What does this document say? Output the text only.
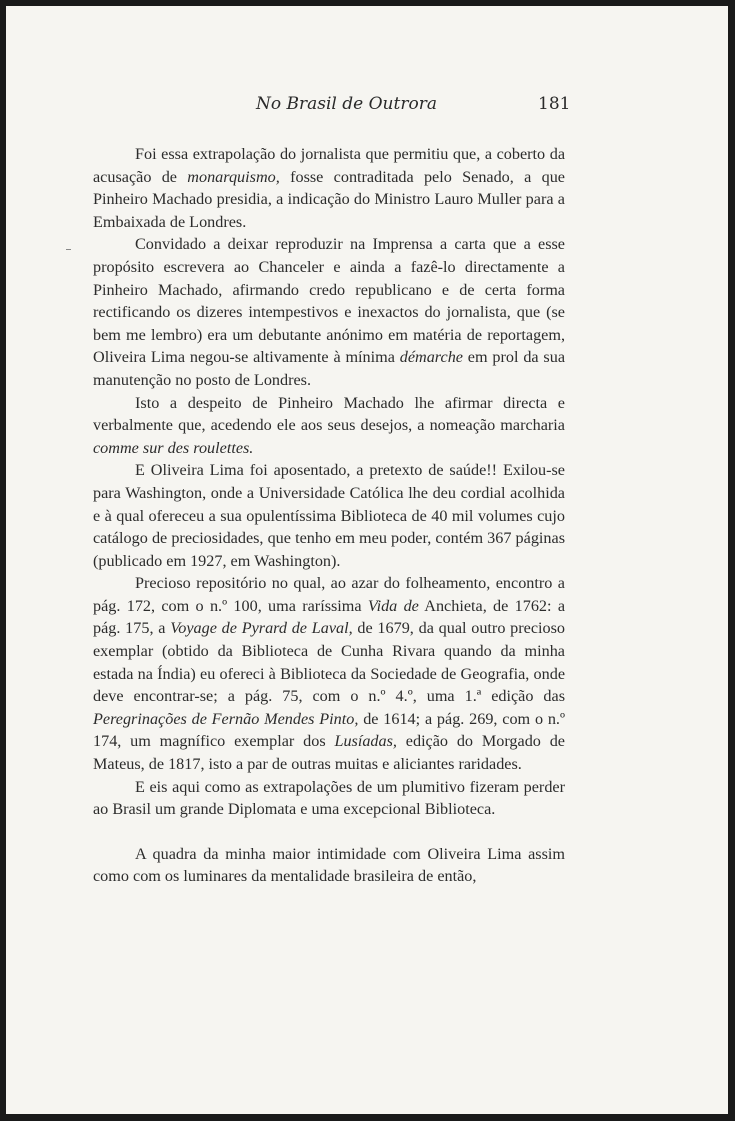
No Brasil de Outrora	181

Foi essa extrapolação do jornalista que permitiu que, a coberto da acusação de monarquismo, fosse contraditada pelo Senado, a que Pinheiro Machado presidia, a indicação do Ministro Lauro Muller para a Embaixada de Londres.

Convidado a deixar reproduzir na Imprensa a carta que a esse propósito escrevera ao Chanceler e ainda a fazê-lo directamente a Pinheiro Machado, afirmando credo republicano e de certa forma rectificando os dizeres intempestivos e inexactos do jornalista, que (se bem me lembro) era um debutante anónimo em matéria de reportagem, Oliveira Lima negou-se altivamente à mínima démarche em prol da sua manutenção no posto de Londres.

Isto a despeito de Pinheiro Machado lhe afirmar directa e verbalmente que, acedendo ele aos seus desejos, a nomeação marcharia comme sur des roulettes.

E Oliveira Lima foi aposentado, a pretexto de saúde!! Exilou-se para Washington, onde a Universidade Católica lhe deu cordial acolhida e à qual ofereceu a sua opulentíssima Biblioteca de 40 mil volumes cujo catálogo de preciosidades, que tenho em meu poder, contém 367 páginas (publicado em 1927, em Washington).

Precioso repositório no qual, ao azar do folheamento, encontro a pág. 172, com o n.º 100, uma raríssima Vida de Anchieta, de 1762: a pág. 175, a Voyage de Pyrard de Laval, de 1679, da qual outro precioso exemplar (obtido da Biblioteca de Cunha Rivara quando da minha estada na Índia) eu ofereci à Biblioteca da Sociedade de Geografia, onde deve encontrar-se; a pág. 75, com o n.º 4.º, uma 1.ª edição das Peregrinações de Fernão Mendes Pinto, de 1614; a pág. 269, com o n.º 174, um magnífico exemplar dos Lusíadas, edição do Morgado de Mateus, de 1817, isto a par de outras muitas e aliciantes raridades.

E eis aqui como as extrapolações de um plumitivo fizeram perder ao Brasil um grande Diplomata e uma excepcional Biblioteca.

A quadra da minha maior intimidade com Oliveira Lima assim como com os luminares da mentalidade brasileira de então,
